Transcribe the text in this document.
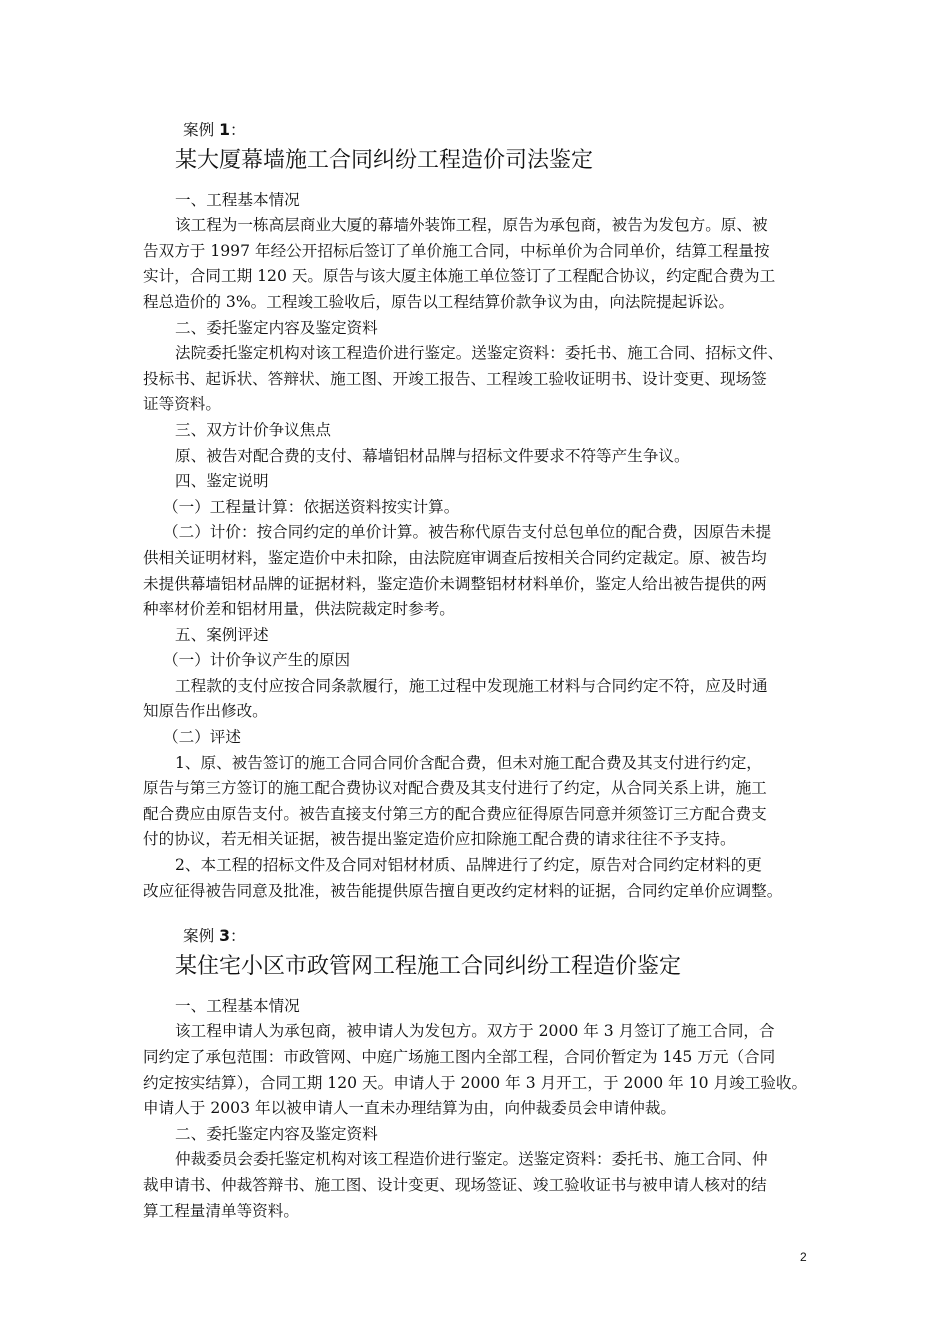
案例 1：
某大厦幕墙施工合同纠纷工程造价司法鉴定
一、工程基本情况
该工程为一栋高层商业大厦的幕墙外装饰工程，原告为承包商，被告为发包方。原、被
告双方于 1997 年经公开招标后签订了单价施工合同，中标单价为合同单价，结算工程量按
实计，合同工期 120 天。原告与该大厦主体施工单位签订了工程配合协议，约定配合费为工
程总造价的 3%。工程竣工验收后，原告以工程结算价款争议为由，向法院提起诉讼。
二、委托鉴定内容及鉴定资料
法院委托鉴定机构对该工程造价进行鉴定。送鉴定资料：委托书、施工合同、招标文件、
投标书、起诉状、答辩状、施工图、开竣工报告、工程竣工验收证明书、设计变更、现场签
证等资料。
三、双方计价争议焦点
原、被告对配合费的支付、幕墙铝材品牌与招标文件要求不符等产生争议。
四、鉴定说明
（一）工程量计算：依据送资料按实计算。
（二）计价：按合同约定的单价计算。被告称代原告支付总包单位的配合费，因原告未提
供相关证明材料，鉴定造价中未扣除，由法院庭审调查后按相关合同约定裁定。原、被告均
未提供幕墙铝材品牌的证据材料，鉴定造价未调整铝材材料单价，鉴定人给出被告提供的两
种率材价差和铝材用量，供法院裁定时参考。
五、案例评述
（一）计价争议产生的原因
工程款的支付应按合同条款履行，施工过程中发现施工材料与合同约定不符，应及时通
知原告作出修改。
（二）评述
1、原、被告签订的施工合同合同价含配合费，但未对施工配合费及其支付进行约定，
原告与第三方签订的施工配合费协议对配合费及其支付进行了约定，从合同关系上讲，施工
配合费应由原告支付。被告直接支付第三方的配合费应征得原告同意并须签订三方配合费支
付的协议，若无相关证据，被告提出鉴定造价应扣除施工配合费的请求往往不予支持。
2、本工程的招标文件及合同对铝材材质、品牌进行了约定，原告对合同约定材料的更
改应征得被告同意及批准，被告能提供原告擅自更改约定材料的证据，合同约定单价应调整。
案例 3：
某住宅小区市政管网工程施工合同纠纷工程造价鉴定
一、工程基本情况
该工程申请人为承包商，被申请人为发包方。双方于 2000 年 3 月签订了施工合同，合
同约定了承包范围：市政管网、中庭广场施工图内全部工程，合同价暂定为 145 万元（合同
约定按实结算），合同工期 120 天。申请人于 2000 年 3 月开工，于 2000 年 10 月竣工验收。
申请人于 2003 年以被申请人一直未办理结算为由，向仲裁委员会申请仲裁。
二、委托鉴定内容及鉴定资料
仲裁委员会委托鉴定机构对该工程造价进行鉴定。送鉴定资料：委托书、施工合同、仲
裁申请书、仲裁答辩书、施工图、设计变更、现场签证、竣工验收证书与被申请人核对的结
算工程量清单等资料。
2
